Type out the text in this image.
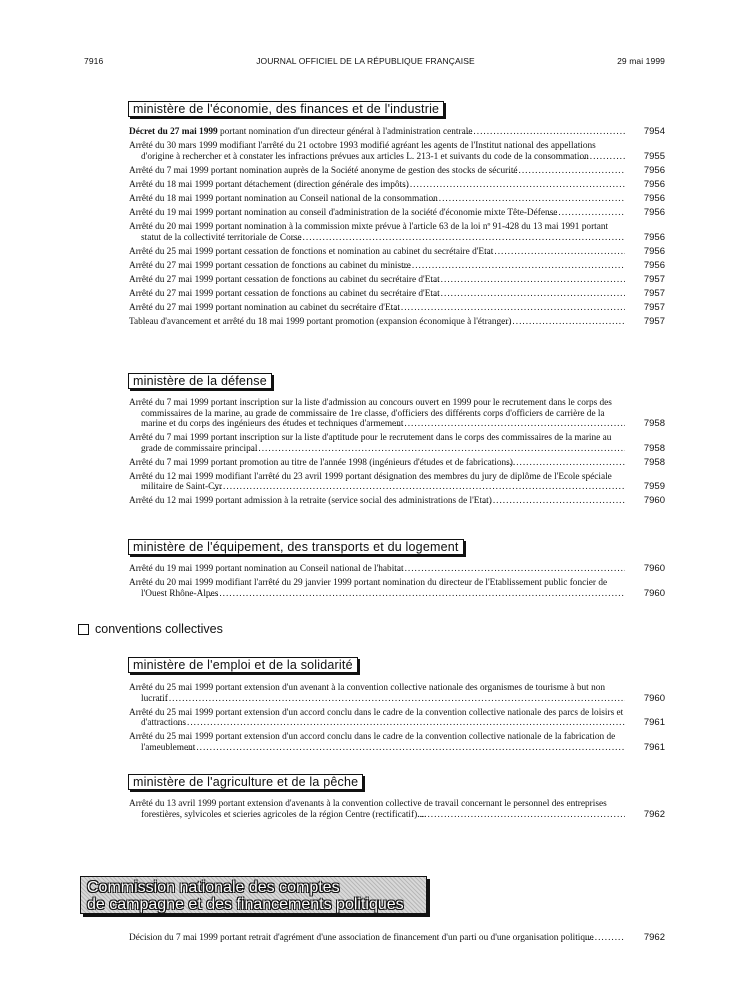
7916	JOURNAL OFFICIEL DE LA RÉPUBLIQUE FRANÇAISE	29 mai 1999
ministère de l'économie, des finances et de l'industrie
Décret du 27 mai 1999 portant nomination d'un directeur général à l'administration centrale .....	7954
Arrêté du 30 mars 1999 modifiant l'arrêté du 21 octobre 1993 modifié agréant les agents de l'Institut national des appellations d'origine à rechercher et à constater les infractions prévues aux articles L. 213-1 et suivants du code de la consommation .....	7955
Arrêté du 7 mai 1999 portant nomination auprès de la Société anonyme de gestion des stocks de sécurité .....	7956
Arrêté du 18 mai 1999 portant détachement (direction générale des impôts) .....	7956
Arrêté du 18 mai 1999 portant nomination au Conseil national de la consommation .....	7956
Arrêté du 19 mai 1999 portant nomination au conseil d'administration de la société d'économie mixte Tête-Défense .....	7956
Arrêté du 20 mai 1999 portant nomination à la commission mixte prévue à l'article 63 de la loi nº 91-428 du 13 mai 1991 portant statut de la collectivité territoriale de Corse .....	7956
Arrêté du 25 mai 1999 portant cessation de fonctions et nomination au cabinet du secrétaire d'Etat .....	7956
Arrêté du 27 mai 1999 portant cessation de fonctions au cabinet du ministre .....	7956
Arrêté du 27 mai 1999 portant cessation de fonctions au cabinet du secrétaire d'Etat .....	7957
Arrêté du 27 mai 1999 portant cessation de fonctions au cabinet du secrétaire d'Etat .....	7957
Arrêté du 27 mai 1999 portant nomination au cabinet du secrétaire d'Etat .....	7957
Tableau d'avancement et arrêté du 18 mai 1999 portant promotion (expansion économique à l'étranger) .....	7957
ministère de la défense
Arrêté du 7 mai 1999 portant inscription sur la liste d'admission au concours ouvert en 1999 pour le recrutement dans le corps des commissaires de la marine, au grade de commissaire de 1re classe, d'officiers des différents corps d'officiers de carrière de la marine et du corps des ingénieurs des études et techniques d'armement .....	7958
Arrêté du 7 mai 1999 portant inscription sur la liste d'aptitude pour le recrutement dans le corps des commissaires de la marine au grade de commissaire principal .....	7958
Arrêté du 7 mai 1999 portant promotion au titre de l'année 1998 (ingénieurs d'études et de fabrications). .....	7958
Arrêté du 12 mai 1999 modifiant l'arrêté du 23 avril 1999 portant désignation des membres du jury de diplôme de l'Ecole spéciale militaire de Saint-Cyr .....	7959
Arrêté du 12 mai 1999 portant admission à la retraite (service social des administrations de l'Etat) .....	7960
ministère de l'équipement, des transports et du logement
Arrêté du 19 mai 1999 portant nomination au Conseil national de l'habitat .....	7960
Arrêté du 20 mai 1999 modifiant l'arrêté du 29 janvier 1999 portant nomination du directeur de l'Etablissement public foncier de l'Ouest Rhône-Alpes .....	7960
conventions collectives
ministère de l'emploi et de la solidarité
Arrêté du 25 mai 1999 portant extension d'un avenant à la convention collective nationale des organismes de tourisme à but non lucratif .....	7960
Arrêté du 25 mai 1999 portant extension d'un accord conclu dans le cadre de la convention collective nationale des parcs de loisirs et d'attractions .....	7961
Arrêté du 25 mai 1999 portant extension d'un accord conclu dans le cadre de la convention collective nationale de la fabrication de l'ameublement .....	7961
ministère de l'agriculture et de la pêche
Arrêté du 13 avril 1999 portant extension d'avenants à la convention collective de travail concernant le personnel des entreprises forestières, sylvicoles et scieries agricoles de la région Centre (rectificatif).... .....	7962
Commission nationale des comptes
de campagne et des financements politiques
Décision du 7 mai 1999 portant retrait d'agrément d'une association de financement d'un parti ou d'une organisation politique .....	7962
